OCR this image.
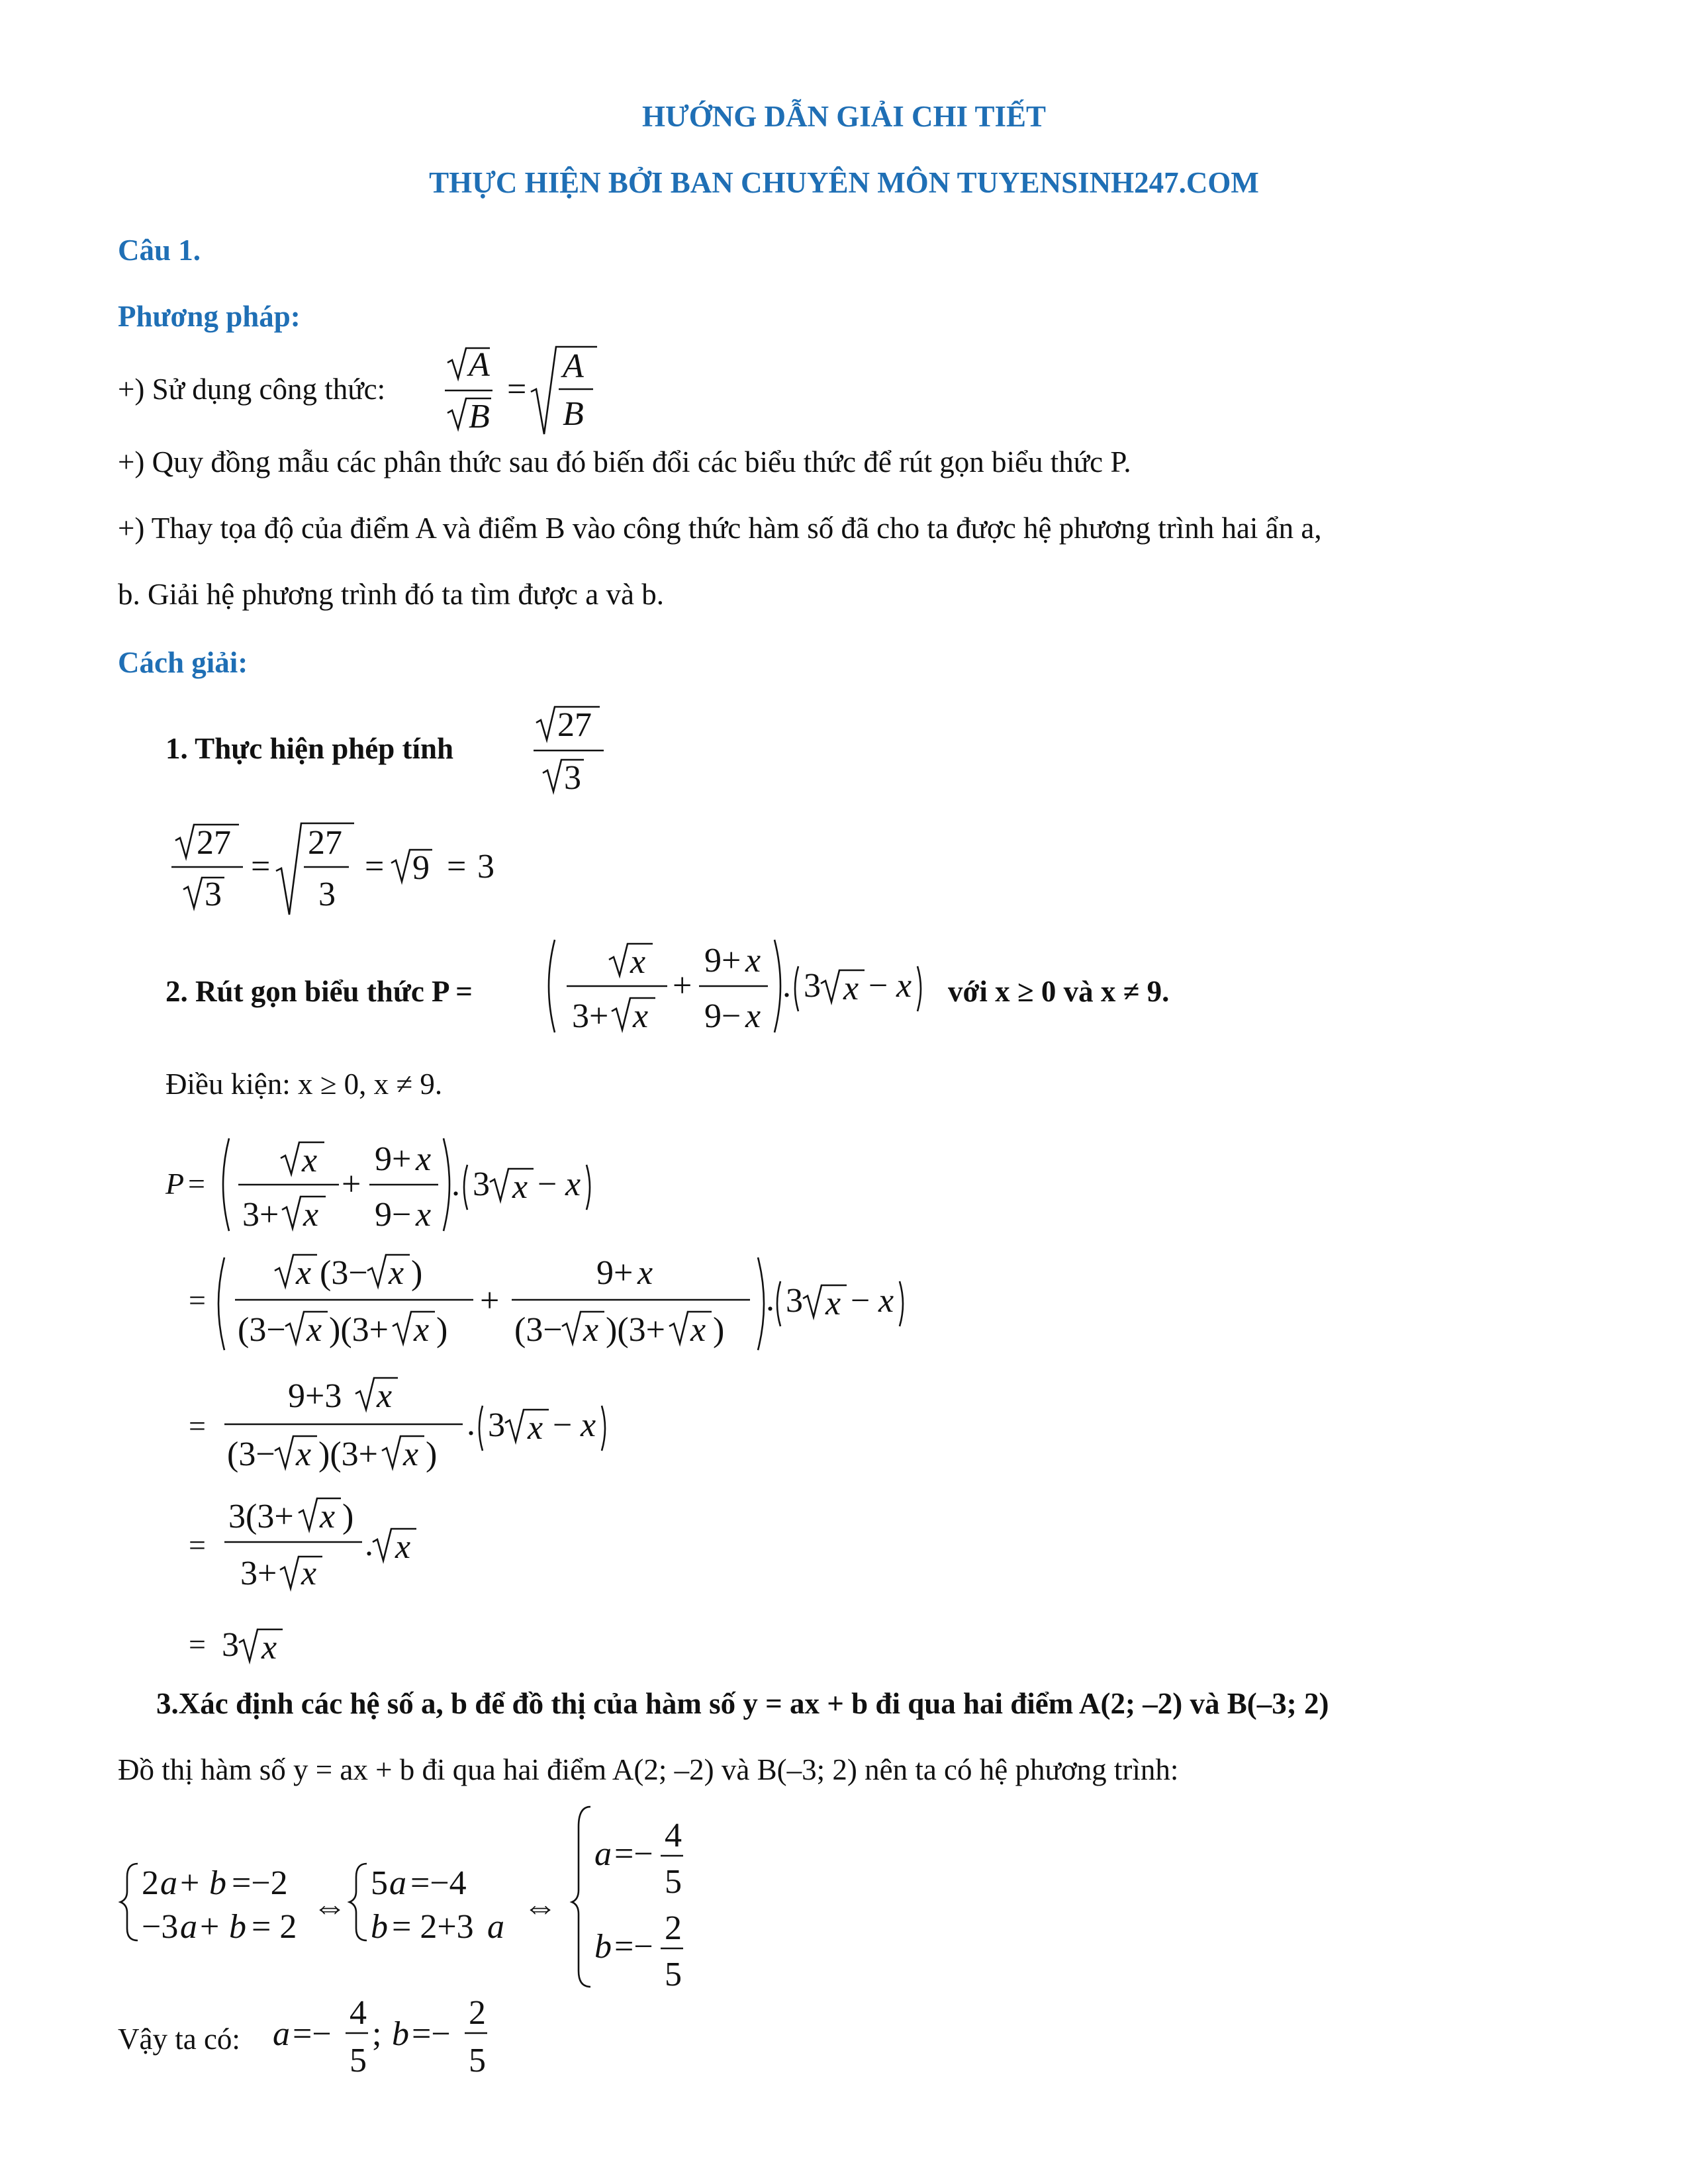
HƯỚNG DẪN GIẢI CHI TIẾT
THỰC HIỆN BỞI BAN CHUYÊN MÔN TUYENSINH247.COM
Câu 1.
Phương pháp:
+) Sử dụng công thức:
A
B
=
A
B
+) Quy đồng mẫu các phân thức sau đó biến đổi các biểu thức để rút gọn biểu thức P.
+) Thay tọa độ của điểm A và điểm B vào công thức hàm số đã cho ta được hệ phương trình hai ẩn a,
b. Giải hệ phương trình đó ta tìm được a và b.
Cách giải:
1. Thực hiện phép tính
27
3
27
3
=
27
3
= 9 = 3
2. Rút gọn biểu thức P =
x
3+ x
+
9+ x
9− x
. 3 x − x với x ≥ 0 và x ≠ 9.
Điều kiện: x ≥ 0, x ≠ 9.
P =
x
3+ x
+
9+ x
9− x
. 3 x − x
=
x (3− x )
(3− x )(3+ x )
+
9+ x
(3− x )(3+ x )
. 3 x − x
=
9+3 x
(3− x )(3+ x )
. 3 x − x
=
3(3+ x )
3+ x
. x
= 3 x
3.Xác định các hệ số a, b để đồ thị của hàm số y = ax + b đi qua hai điểm A(2; –2) và B(–3; 2)
Đồ thị hàm số y = ax + b đi qua hai điểm A(2; –2) và B(–3; 2) nên ta có hệ phương trình:
2 a + b =−2
−3 a + b = 2
⇔
5 a =−4
b = 2+3 a
⇔
a =− 4
5
b =− 2
5
Vậy ta có: a =−
4
5
; b =−
2
5
